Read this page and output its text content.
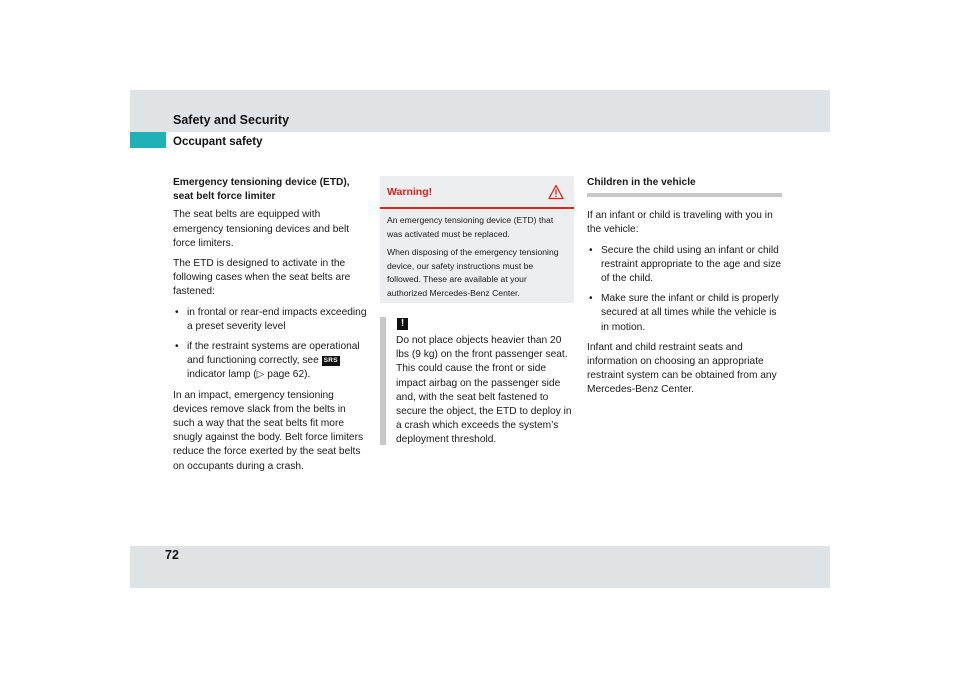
Safety and Security
Occupant safety

Emergency tensioning device (ETD), seat belt force limiter

The seat belts are equipped with emergency tensioning devices and belt force limiters.

The ETD is designed to activate in the following cases when the seat belts are fastened:

• in frontal or rear-end impacts exceeding a preset severity level
• if the restraint systems are operational and functioning correctly, see SRS indicator lamp (▷ page 62).

In an impact, emergency tensioning devices remove slack from the belts in such a way that the seat belts fit more snugly against the body. Belt force limiters reduce the force exerted by the seat belts on occupants during a crash.

Warning!

An emergency tensioning device (ETD) that was activated must be replaced.

When disposing of the emergency tensioning device, our safety instructions must be followed. These are available at your authorized Mercedes-Benz Center.

!
Do not place objects heavier than 20 lbs (9 kg) on the front passenger seat. This could cause the front or side impact airbag on the passenger side and, with the seat belt fastened to secure the object, the ETD to deploy in a crash which exceeds the system’s deployment threshold.
Children in the vehicle

If an infant or child is traveling with you in the vehicle:

• Secure the child using an infant or child restraint appropriate to the age and size of the child.
• Make sure the infant or child is properly secured at all times while the vehicle is in motion.

Infant and child restraint seats and information on choosing an appropriate restraint system can be obtained from any Mercedes-Benz Center.

72
